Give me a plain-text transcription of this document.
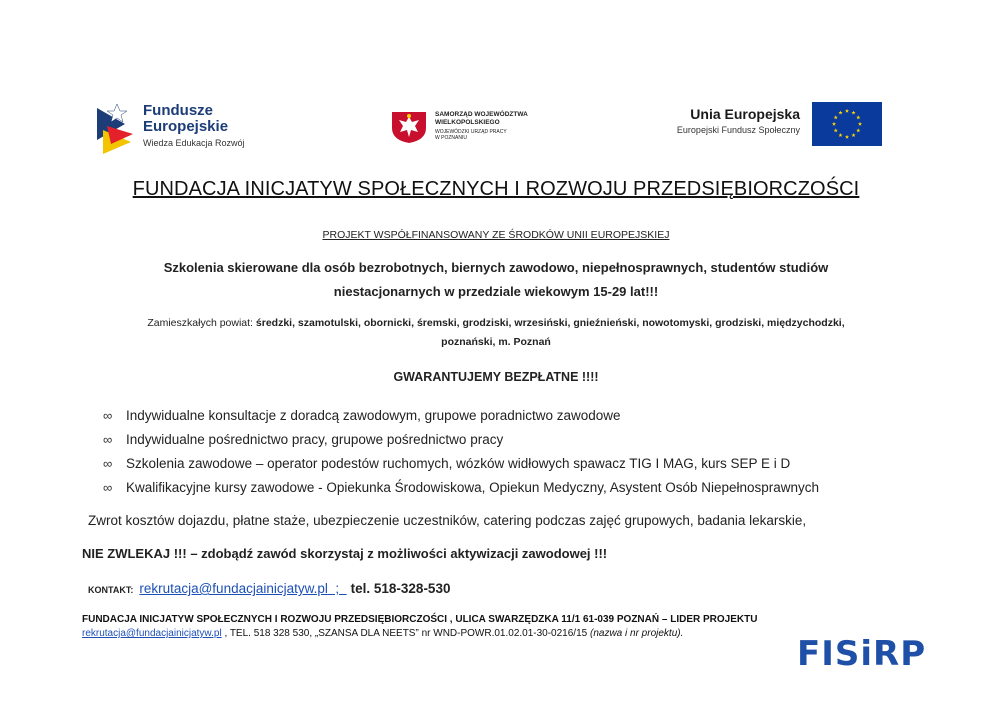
Fundusze
Europejskie
Wiedza Edukacja Rozwój
SAMORZĄD WOJEWÓDZTWA
WIELKOPOLSKIEGO
WOJEWÓDZKI URZĄD PRACY
W POZNANIU
Unia Europejska
Europejski Fundusz Społeczny
FUNDACJA INICJATYW SPOŁECZNYCH I ROZWOJU PRZEDSIĘBIORCZOŚCI
PROJEKT WSPÓŁFINANSOWANY ZE ŚRODKÓW UNII EUROPEJSKIEJ
Szkolenia skierowane dla osób bezrobotnych, biernych zawodowo, niepełnosprawnych, studentów studiów
niestacjonarnych w przedziale wiekowym 15-29 lat!!!
Zamieszkałych powiat: średzki, szamotulski, obornicki, śremski, grodziski, wrzesiński, gnieźnieński, nowotomyski, grodziski, międzychodzki,
poznański, m. Poznań
GWARANTUJEMY BEZPŁATNE !!!!
∞	Indywidualne konsultacje z doradcą zawodowym, grupowe poradnictwo zawodowe
∞	Indywidualne pośrednictwo pracy, grupowe pośrednictwo pracy
∞	Szkolenia zawodowe – operator podestów ruchomych, wózków widłowych spawacz TIG I MAG, kurs SEP E i D
∞	Kwalifikacyjne kursy zawodowe - Opiekunka Środowiskowa, Opiekun Medyczny, Asystent Osób Niepełnosprawnych
Zwrot kosztów dojazdu, płatne staże, ubezpieczenie uczestników, catering podczas zajęć grupowych, badania lekarskie,
NIE ZWLEKAJ !!! – zdobądź zawód skorzystaj z możliwości aktywizacji zawodowej !!!
KONTAKT: rekrutacja@fundacjainicjatyw.pl ; tel. 518-328-530
FUNDACJA INICJATYW SPOŁECZNYCH I ROZWOJU PRZEDSIĘBIORCZOŚCI , ULICA SWARZĘDZKA 11/1 61-039 POZNAŃ – LIDER PROJEKTU
rekrutacja@fundacjainicjatyw.pl , TEL. 518 328 530, „SZANSA DLA NEETS” nr WND-POWR.01.02.01-30-0216/15 (nazwa i nr projektu).
FISiRP
